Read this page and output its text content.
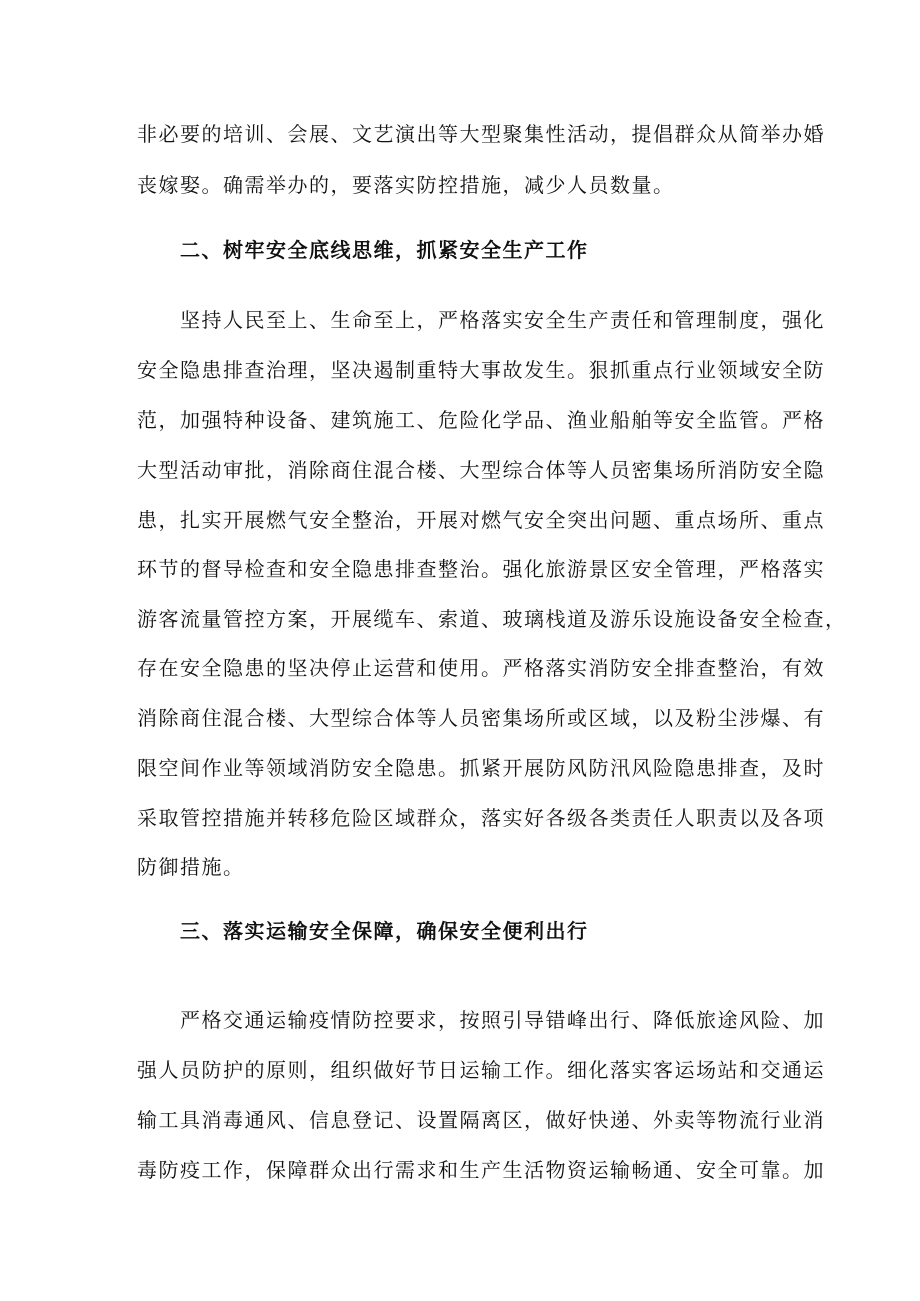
非必要的培训、会展、文艺演出等大型聚集性活动，提倡群众从简举办婚
丧嫁娶。确需举办的，要落实防控措施，减少人员数量。
二、树牢安全底线思维，抓紧安全生产工作
坚持人民至上、生命至上，严格落实安全生产责任和管理制度，强化
安全隐患排查治理，坚决遏制重特大事故发生。狠抓重点行业领域安全防
范，加强特种设备、建筑施工、危险化学品、渔业船舶等安全监管。严格
大型活动审批，消除商住混合楼、大型综合体等人员密集场所消防安全隐
患，扎实开展燃气安全整治，开展对燃气安全突出问题、重点场所、重点
环节的督导检查和安全隐患排查整治。强化旅游景区安全管理，严格落实
游客流量管控方案，开展缆车、索道、玻璃栈道及游乐设施设备安全检查，
存在安全隐患的坚决停止运营和使用。严格落实消防安全排查整治，有效
消除商住混合楼、大型综合体等人员密集场所或区域，以及粉尘涉爆、有
限空间作业等领域消防安全隐患。抓紧开展防风防汛风险隐患排查，及时
采取管控措施并转移危险区域群众，落实好各级各类责任人职责以及各项
防御措施。
三、落实运输安全保障，确保安全便利出行
严格交通运输疫情防控要求，按照引导错峰出行、降低旅途风险、加
强人员防护的原则，组织做好节日运输工作。细化落实客运场站和交通运
输工具消毒通风、信息登记、设置隔离区，做好快递、外卖等物流行业消
毒防疫工作，保障群众出行需求和生产生活物资运输畅通、安全可靠。加
